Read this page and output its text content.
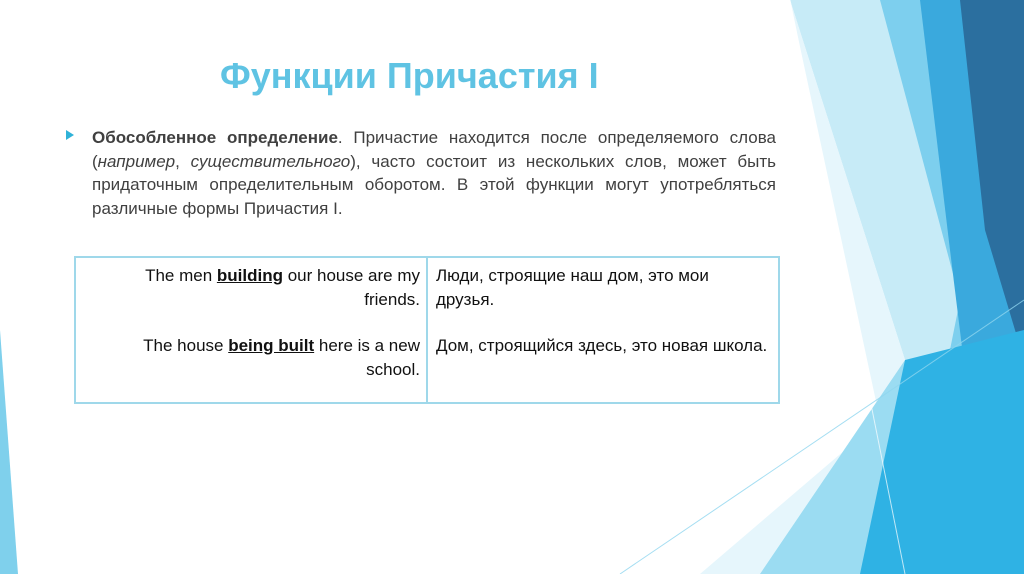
Функции Причастия I
Обособленное определение. Причастие находится после определяемого слова (например, существительного), часто состоит из нескольких слов, может быть придаточным определительным оборотом. В этой функции могут употребляться различные формы Причастия I.
The men building our house are my friends.
The house being built here is a new school.
Люди, строящие наш дом, это мои друзья.
Дом, строящийся здесь, это новая школа.
